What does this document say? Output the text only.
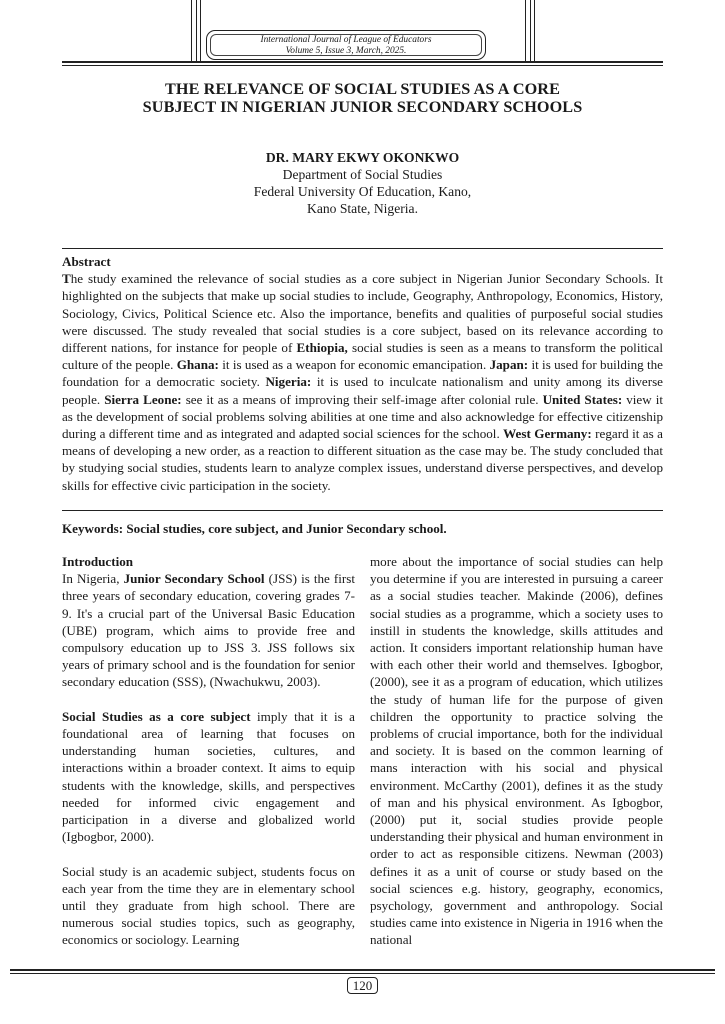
International Journal of League of Educators
Volume 5, Issue 3, March, 2025.
THE RELEVANCE OF SOCIAL STUDIES AS A CORE
SUBJECT IN NIGERIAN JUNIOR SECONDARY SCHOOLS
DR. MARY EKWY OKONKWO
Department of Social Studies
Federal University Of Education, Kano,
Kano State, Nigeria.
Abstract

The study examined the relevance of social studies as a core subject in Nigerian Junior Secondary Schools. It highlighted on the subjects that make up social studies to include, Geography, Anthropology, Economics, History, Sociology, Civics, Political Science etc. Also the importance, benefits and qualities of purposeful social studies were discussed. The study revealed that social studies is a core subject, based on its relevance according to different nations, for instance for people of Ethiopia, social studies is seen as a means to transform the political culture of the people. Ghana: it is used as a weapon for economic emancipation. Japan: it is used for building the foundation for a democratic society. Nigeria: it is used to inculcate nationalism and unity among its diverse people. Sierra Leone: see it as a means of improving their self-image after colonial rule. United States: view it as the development of social problems solving abilities at one time and also acknowledge for effective citizenship during a different time and as integrated and adapted social sciences for the school. West Germany: regard it as a means of developing a new order, as a reaction to different situation as the case may be. The study concluded that by studying social studies, students learn to analyze complex issues, understand diverse perspectives, and develop skills for effective civic participation in the society.

Keywords: Social studies, core subject, and Junior Secondary school.

Introduction
In Nigeria, Junior Secondary School (JSS) is the first three years of secondary education, covering grades 7-9. It's a crucial part of the Universal Basic Education (UBE) program, which aims to provide free and compulsory education up to JSS 3. JSS follows six years of primary school and is the foundation for senior secondary education (SSS), (Nwachukwu, 2003).

Social Studies as a core subject imply that it is a foundational area of learning that focuses on understanding human societies, cultures, and interactions within a broader context. It aims to equip students with the knowledge, skills, and perspectives needed for informed civic engagement and participation in a diverse and globalized world (Igbogbor, 2000).

Social study is an academic subject, students focus on each year from the time they are in elementary school until they graduate from high school. There are numerous social studies topics, such as geography, economics or sociology. Learning

more about the importance of social studies can help you determine if you are interested in pursuing a career as a social studies teacher. Makinde (2006), defines social studies as a programme, which a society uses to instill in students the knowledge, skills attitudes and action. It considers important relationship human have with each other their world and themselves. Igbogbor, (2000), see it as a program of education, which utilizes the study of human life for the purpose of given children the opportunity to practice solving the problems of crucial importance, both for the individual and society. It is based on the common learning of mans interaction with his social and physical environment. McCarthy (2001), defines it as the study of man and his physical environment. As Igbogbor, (2000) put it, social studies provide people understanding their physical and human environment in order to act as responsible citizens. Newman (2003) defines it as a unit of course or study based on the social sciences e.g. history, geography, economics, psychology, government and anthropology. Social studies came into existence in Nigeria in 1916 when the national

120
